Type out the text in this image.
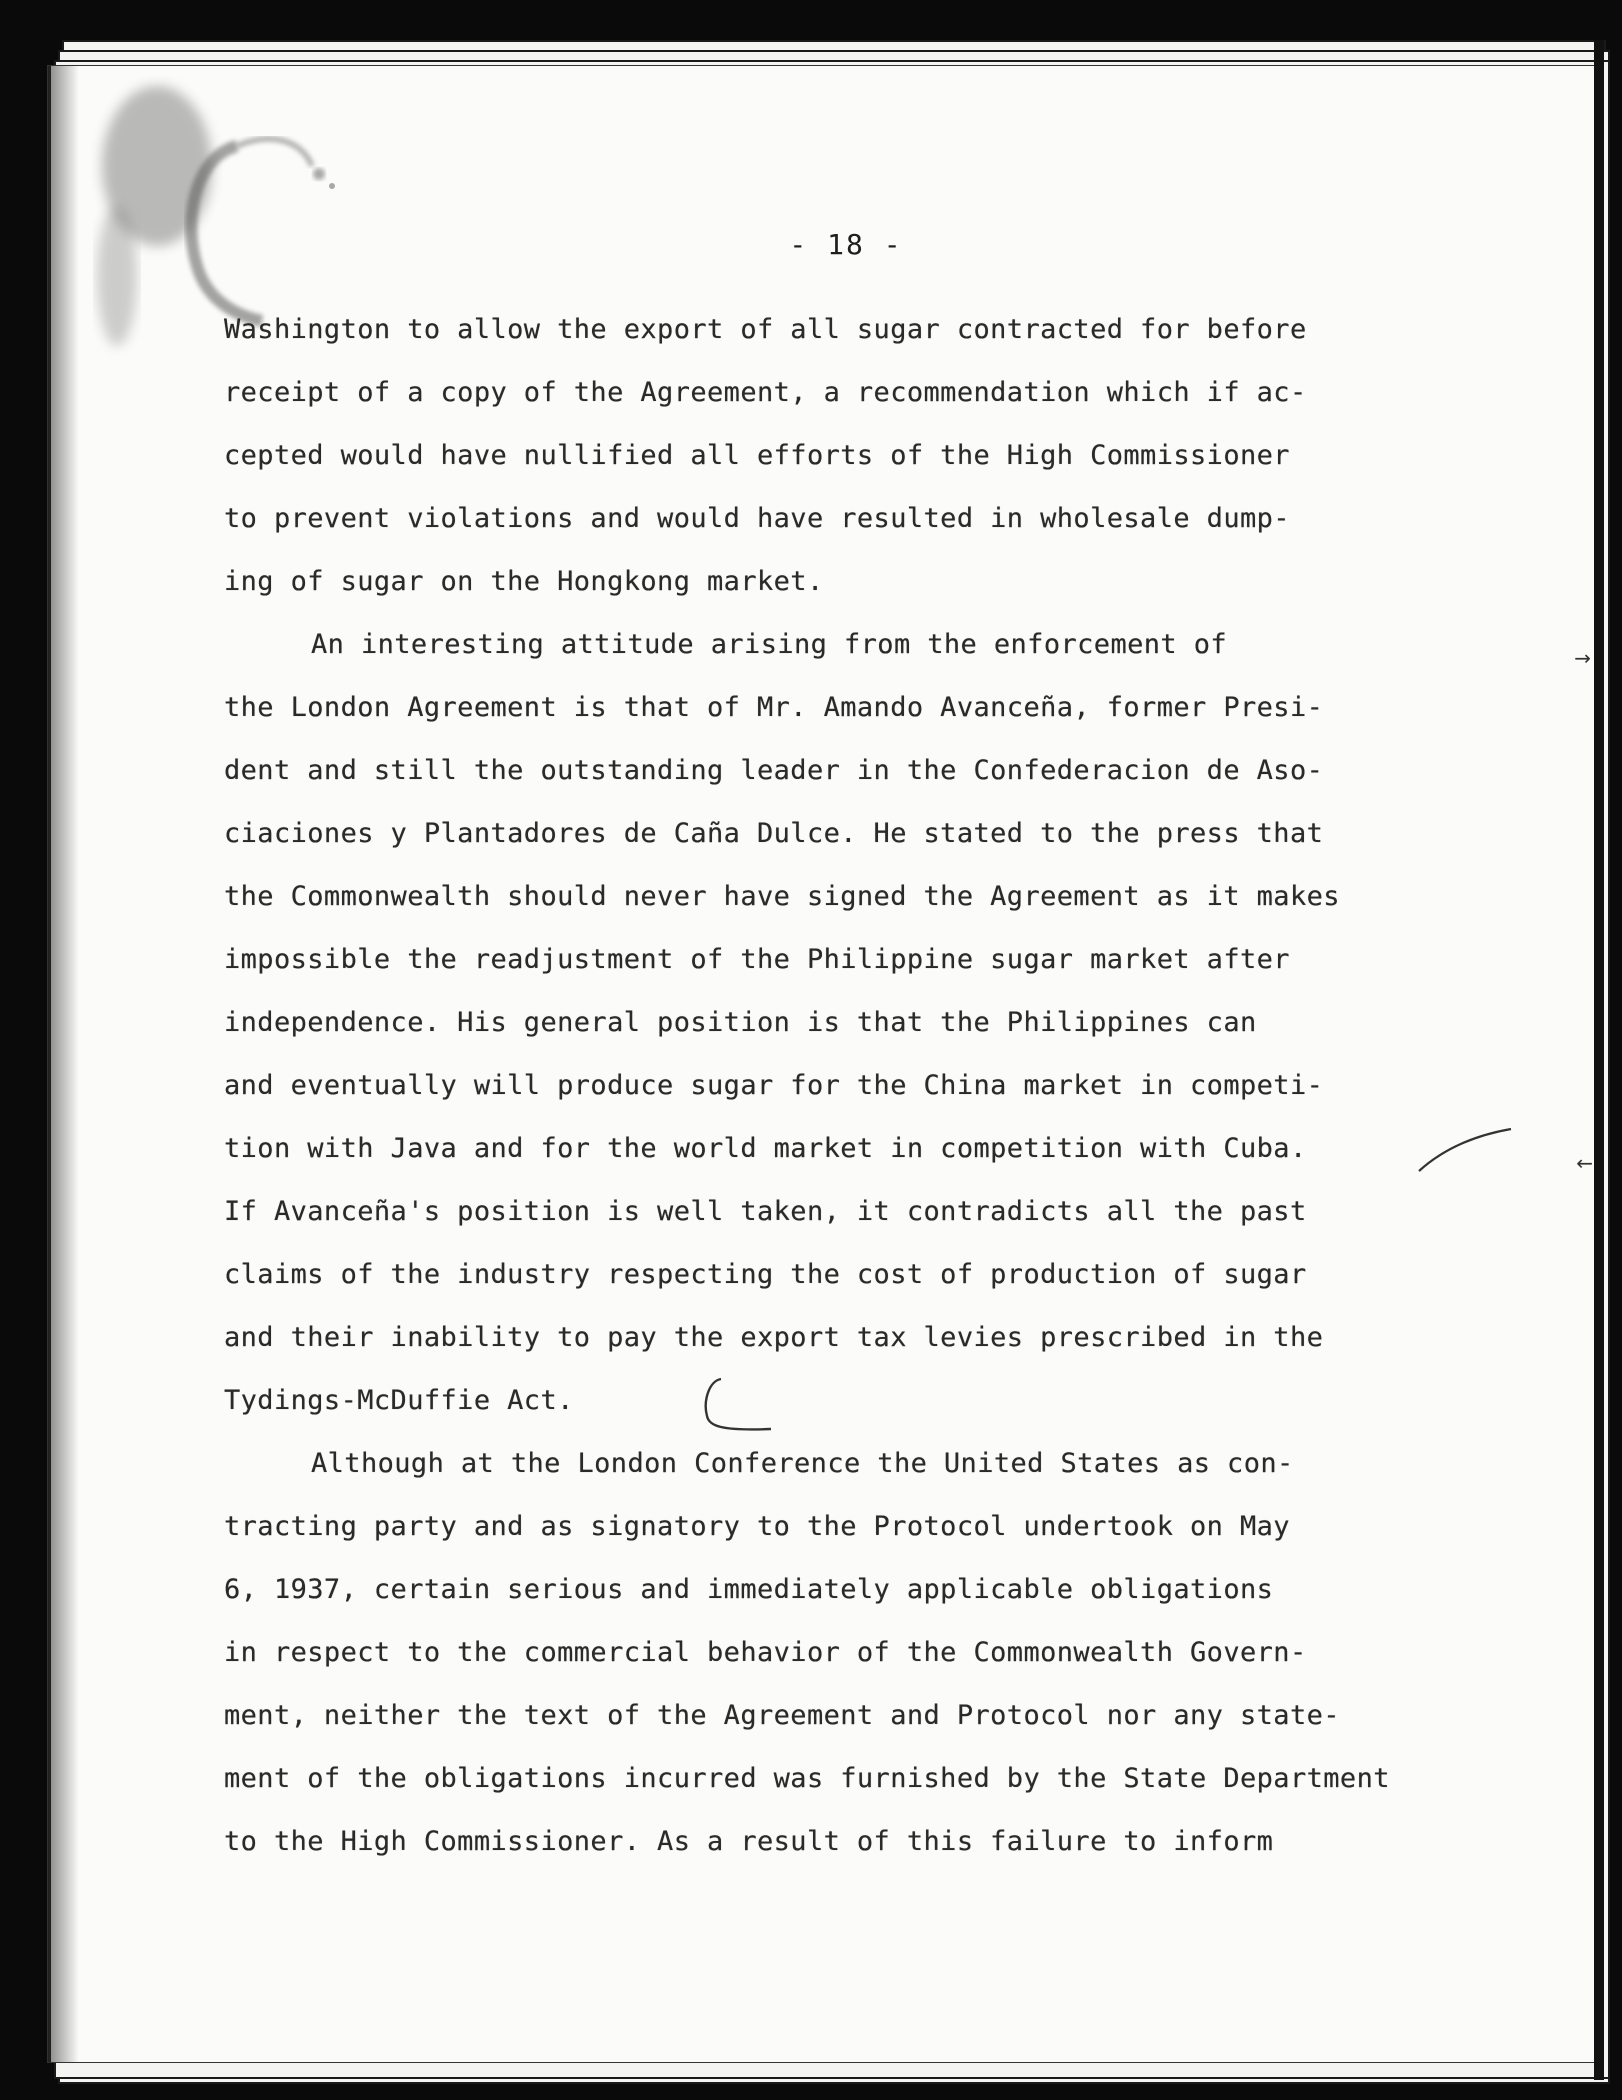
- 18 -
Washington to allow the export of all sugar contracted for before
receipt of a copy of the Agreement, a recommendation which if ac-
cepted would have nullified all efforts of the High Commissioner
to prevent violations and would have resulted in wholesale dump-
ing of sugar on the Hongkong market.
An interesting attitude arising from the enforcement of
the London Agreement is that of Mr. Amando Avanceña, former Presi-
dent and still the outstanding leader in the Confederacion de Aso-
ciaciones y Plantadores de Caña Dulce. He stated to the press that
the Commonwealth should never have signed the Agreement as it makes
impossible the readjustment of the Philippine sugar market after
independence. His general position is that the Philippines can
and eventually will produce sugar for the China market in competi-
tion with Java and for the world market in competition with Cuba.
If Avanceña's position is well taken, it contradicts all the past
claims of the industry respecting the cost of production of sugar
and their inability to pay the export tax levies prescribed in the
Tydings-McDuffie Act.
Although at the London Conference the United States as con-
tracting party and as signatory to the Protocol undertook on May
6, 1937, certain serious and immediately applicable obligations
in respect to the commercial behavior of the Commonwealth Govern-
ment, neither the text of the Agreement and Protocol nor any state-
ment of the obligations incurred was furnished by the State Department
to the High Commissioner. As a result of this failure to inform
→
←
